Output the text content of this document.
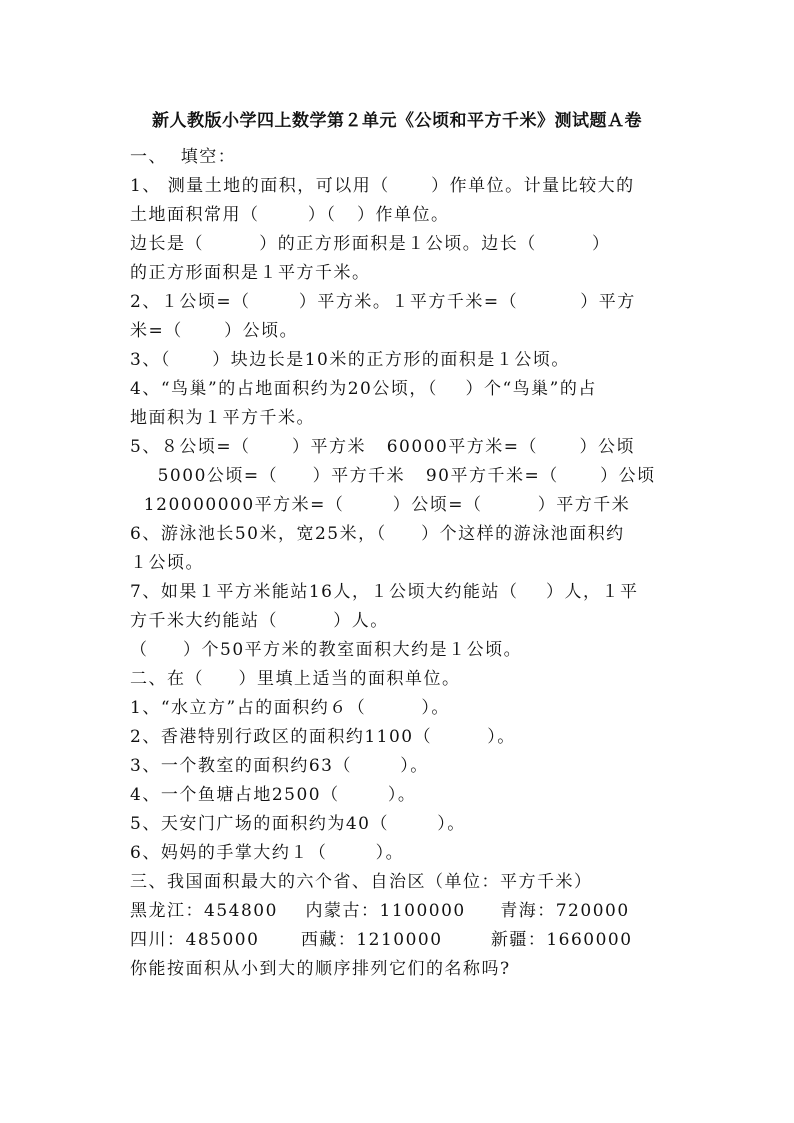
新人教版小学四上数学第２单元《公顷和平方千米》测试题Ａ卷
一、  填空：
1、 测量土地的面积，可以用（      ）作单位。计量比较大的
土地面积常用（       ）（   ）作单位。
边长是（        ）的正方形面积是１公顷。边长（        ）
的正方形面积是１平方千米。
2、１公顷=（       ）平方米。１平方千米=（         ）平方
米=（      ）公顷。
3、（      ）块边长是10米的正方形的面积是１公顷。
4、“鸟巢”的占地面积约为20公顷，（    ）个“鸟巢”的占
地面积为１平方千米。
5、８公顷=（      ）平方米   60000平方米=（      ）公顷
5000公顷=（     ）平方千米   90平方千米=（      ）公顷
120000000平方米=（       ）公顷=（        ）平方千米
6、游泳池长50米，宽25米，（     ）个这样的游泳池面积约
１公顷。
7、如果１平方米能站16人，１公顷大约能站（    ）人，１平
方千米大约能站（        ）人。
（     ）个50平方米的教室面积大约是１公顷。
二、在（     ）里填上适当的面积单位。
1、“水立方”占的面积约６（        ）。
2、香港特别行政区的面积约1100（        ）。
3、一个教室的面积约63（       ）。
4、一个鱼塘占地2500（       ）。
5、天安门广场的面积约为40（       ）。
6、妈妈的手掌大约１（       ）。
三、我国面积最大的六个省、自治区（单位：平方千米）
黑龙江：454800    内蒙古：1100000     青海：720000
四川：485000      西藏：1210000       新疆：1660000
你能按面积从小到大的顺序排列它们的名称吗?
